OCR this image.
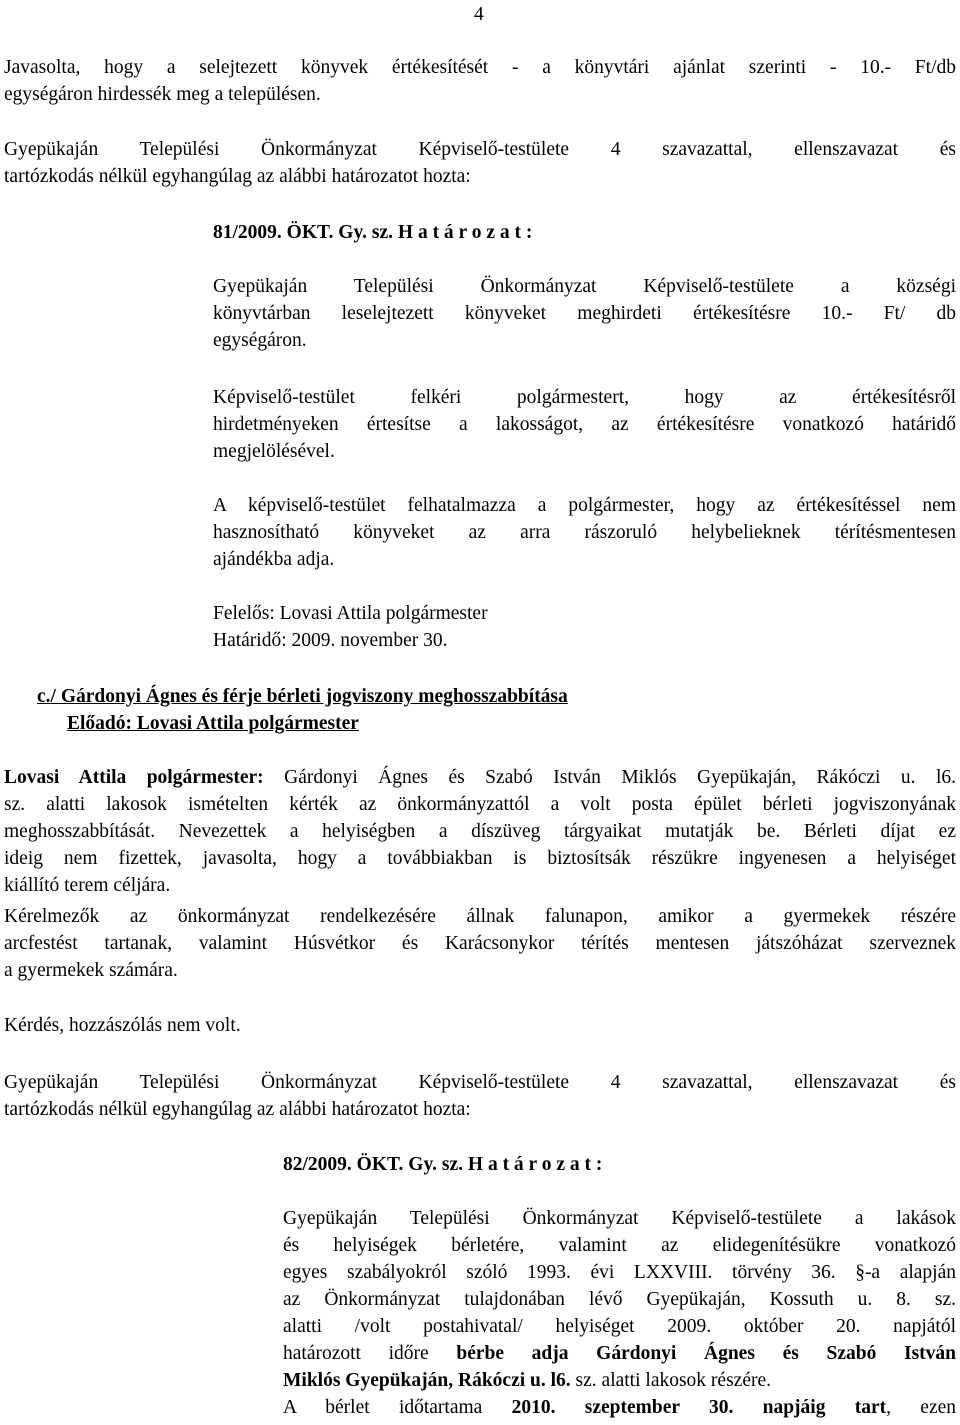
4
Javasolta, hogy a selejtezett könyvek értékesítését - a könyvtári ajánlat szerinti - 10.- Ft/db
egységáron hirdessék meg a településen.
Gyepükaján Települési Önkormányzat Képviselő-testülete 4 szavazattal, ellenszavazat és
tartózkodás nélkül egyhangúlag az alábbi határozatot hozta:
81/2009. ÖKT. Gy. sz. H a t á r o z a t :
Gyepükaján Települési Önkormányzat Képviselő-testülete a községi
könyvtárban leselejtezett könyveket meghirdeti értékesítésre 10.- Ft/ db
egységáron.
Képviselő-testület felkéri polgármestert, hogy az értékesítésről
hirdetményeken értesítse a lakosságot, az értékesítésre vonatkozó határidő
megjelölésével.
A képviselő-testület felhatalmazza a polgármester, hogy az értékesítéssel nem
hasznosítható könyveket az arra rászoruló helybelieknek térítésmentesen
ajándékba adja.
Felelős: Lovasi Attila polgármester
Határidő: 2009. november 30.
c./ Gárdonyi Ágnes és férje bérleti jogviszony meghosszabbítása
Előadó: Lovasi Attila polgármester
Lovasi Attila polgármester: Gárdonyi Ágnes és Szabó István Miklós Gyepükaján, Rákóczi u. l6.
sz. alatti lakosok ismételten kérték az önkormányzattól a volt posta épület bérleti jogviszonyának
meghosszabbítását. Nevezettek a helyiségben a díszüveg tárgyaikat mutatják be. Bérleti díjat ez
ideig nem fizettek, javasolta, hogy a továbbiakban is biztosítsák részükre ingyenesen a helyiséget
kiállító terem céljára.
Kérelmezők az önkormányzat rendelkezésére állnak falunapon, amikor a gyermekek részére
arcfestést tartanak, valamint Húsvétkor és Karácsonykor térítés mentesen játszóházat szerveznek
a gyermekek számára.
Kérdés, hozzászólás nem volt.
Gyepükaján Települési Önkormányzat Képviselő-testülete 4 szavazattal, ellenszavazat és
tartózkodás nélkül egyhangúlag az alábbi határozatot hozta:
82/2009. ÖKT. Gy. sz. H a t á r o z a t :
Gyepükaján Települési Önkormányzat Képviselő-testülete a lakások
és helyiségek bérletére, valamint az elidegenítésükre vonatkozó
egyes szabályokról szóló 1993. évi LXXVIII. törvény 36. §-a alapján
az Önkormányzat tulajdonában lévő Gyepükaján, Kossuth u. 8. sz.
alatti /volt postahivatal/ helyiséget 2009. október 20. napjától
határozott időre bérbe adja Gárdonyi Ágnes és Szabó István
Miklós Gyepükaján, Rákóczi u. l6. sz. alatti lakosok részére.
A bérlet időtartama 2010. szeptember 30. napjáig tart, ezen
